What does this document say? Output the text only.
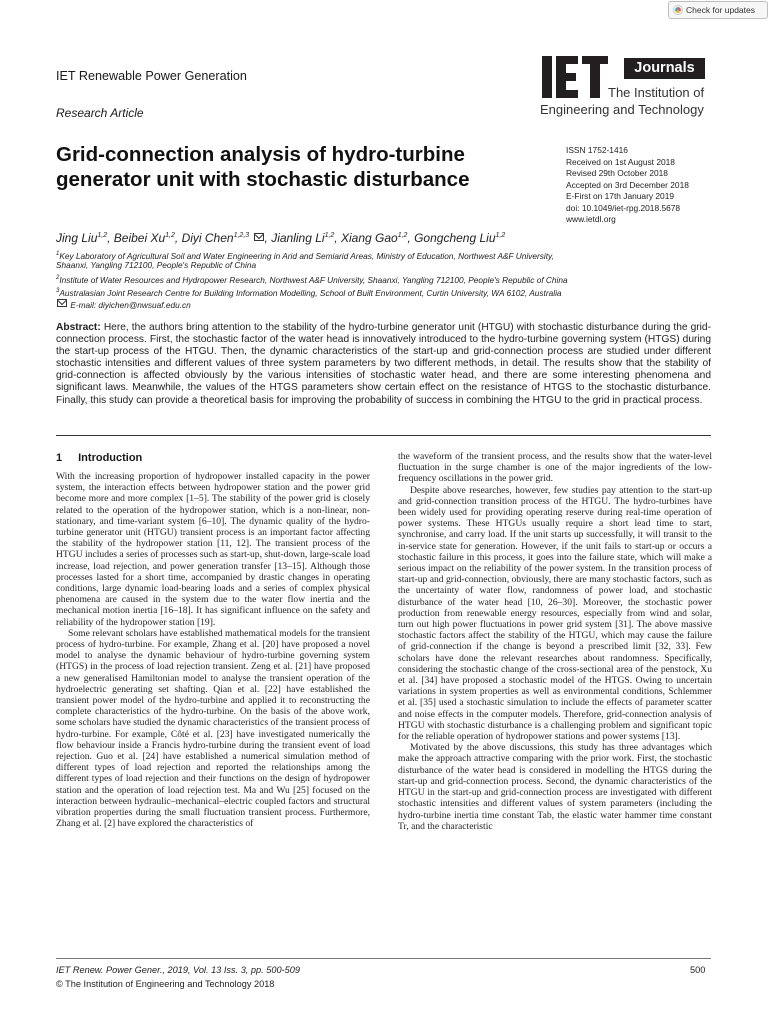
Check for updates
IET Renewable Power Generation
Research Article
Journals
The Institution of
Engineering and Technology
Grid-connection analysis of hydro-turbine generator unit with stochastic disturbance
ISSN 1752-1416
Received on 1st August 2018
Revised 29th October 2018
Accepted on 3rd December 2018
E-First on 17th January 2019
doi: 10.1049/iet-rpg.2018.5678
www.ietdl.org
Jing Liu$^{1,2}$, Beibei Xu$^{1,2}$, Diyi Chen$^{1,2,3}$ , Jianling Li$^{1,2}$, Xiang Gao$^{1,2}$, Gongcheng Liu$^{1,2}$
$^1$Key Laboratory of Agricultural Soil and Water Engineering in Arid and Semiarid Areas, Ministry of Education, Northwest A&F University,
Shaanxi, Yangling 712100, People's Republic of China
$^2$Institute of Water Resources and Hydropower Research, Northwest A&F University, Shaanxi, Yangling 712100, People's Republic of China
$^3$Australasian Joint Research Centre for Building Information Modelling, School of Built Environment, Curtin University, WA 6102, Australia
E-mail: diyichen@nwsuaf.edu.cn
Abstract: Here, the authors bring attention to the stability of the hydro-turbine generator unit (HTGU) with stochastic disturbance during the grid-connection process. First, the stochastic factor of the water head is innovatively introduced to the hydro-turbine governing system (HTGS) during the start-up process of the HTGU. Then, the dynamic characteristics of the start-up and grid-connection process are studied under different stochastic intensities and different values of three system parameters by two different methods, in detail. The results show that the stability of grid-connection is affected obviously by the various intensities of stochastic water head, and there are some interesting phenomena and significant laws. Meanwhile, the values of the HTGS parameters show certain effect on the resistance of HTGS to the stochastic disturbance. Finally, this study can provide a theoretical basis for improving the probability of success in combining the HTGU to the grid in practical process.
1 Introduction

With the increasing proportion of hydropower installed capacity in the power system, the interaction effects between hydropower station and the power grid become more and more complex [1–5]. The stability of the power grid is closely related to the operation of the hydropower station, which is a non-linear, non-stationary, and time-variant system [6–10]. The dynamic quality of the hydro-turbine generator unit (HTGU) transient process is an important factor affecting the stability of the hydropower station [11, 12]. The transient process of the HTGU includes a series of processes such as start-up, shut-down, large-scale load increase, load rejection, and power generation transfer [13–15]. Although those processes lasted for a short time, accompanied by drastic changes in operating conditions, large dynamic load-bearing loads and a series of complex physical phenomena are caused in the system due to the water flow inertia and the mechanical motion inertia [16–18]. It has significant influence on the safety and reliability of the hydropower station [19].

Some relevant scholars have established mathematical models for the transient process of hydro-turbine. For example, Zhang et al. [20] have proposed a novel model to analyse the dynamic behaviour of hydro-turbine governing system (HTGS) in the process of load rejection transient. Zeng et al. [21] have proposed a new generalised Hamiltonian model to analyse the transient operation of the hydroelectric generating set shafting. Qian et al. [22] have established the transient power model of the hydro-turbine and applied it to reconstructing the complete characteristics of the hydro-turbine. On the basis of the above work, some scholars have studied the dynamic characteristics of the transient process of hydro-turbine. For example, Côté et al. [23] have investigated numerically the flow behaviour inside a Francis hydro-turbine during the transient event of load rejection. Guo et al. [24] have established a numerical simulation method of different types of load rejection and reported the relationships among the different types of load rejection and their functions on the design of hydropower station and the operation of load rejection test. Ma and Wu [25] focused on the interaction between hydraulic–mechanical–electric coupled factors and structural vibration properties during the small fluctuation transient process. Furthermore, Zhang et al. [2] have explored the characteristics of

the waveform of the transient process, and the results show that the water-level fluctuation in the surge chamber is one of the major ingredients of the low-frequency oscillations in the power grid.

Despite above researches, however, few studies pay attention to the start-up and grid-connection transition process of the HTGU. The hydro-turbines have been widely used for providing operating reserve during real-time operation of power systems. These HTGUs usually require a short lead time to start, synchronise, and carry load. If the unit starts up successfully, it will transit to the in-service state for generation. However, if the unit fails to start-up or occurs a stochastic failure in this process, it goes into the failure state, which will make a serious impact on the reliability of the power system. In the transition process of start-up and grid-connection, obviously, there are many stochastic factors, such as the uncertainty of water flow, randomness of power load, and stochastic disturbance of the water head [10, 26–30]. Moreover, the stochastic power production from renewable energy resources, especially from wind and solar, turn out high power fluctuations in power grid system [31]. The above massive stochastic factors affect the stability of the HTGU, which may cause the failure of grid-connection if the change is beyond a prescribed limit [32, 33]. Few scholars have done the relevant researches about randomness. Specifically, considering the stochastic change of the cross-sectional area of the penstock, Xu et al. [34] have proposed a stochastic model of the HTGS. Owing to uncertain variations in system properties as well as environmental conditions, Schlemmer et al. [35] used a stochastic simulation to include the effects of parameter scatter and noise effects in the computer models. Therefore, grid-connection analysis of HTGU with stochastic disturbance is a challenging problem and significant topic for the reliable operation of hydropower stations and power systems [13].

Motivated by the above discussions, this study has three advantages which make the approach attractive comparing with the prior work. First, the stochastic disturbance of the water head is considered in modelling the HTGS during the start-up and grid-connection process. Second, the dynamic characteristics of the HTGU in the start-up and grid-connection process are investigated with different stochastic intensities and different values of system parameters (including the hydro-turbine inertia time constant Tab, the elastic water hammer time constant Tr, and the characteristic

IET Renew. Power Gener., 2019, Vol. 13 Iss. 3, pp. 500-509
© The Institution of Engineering and Technology 2018
500
